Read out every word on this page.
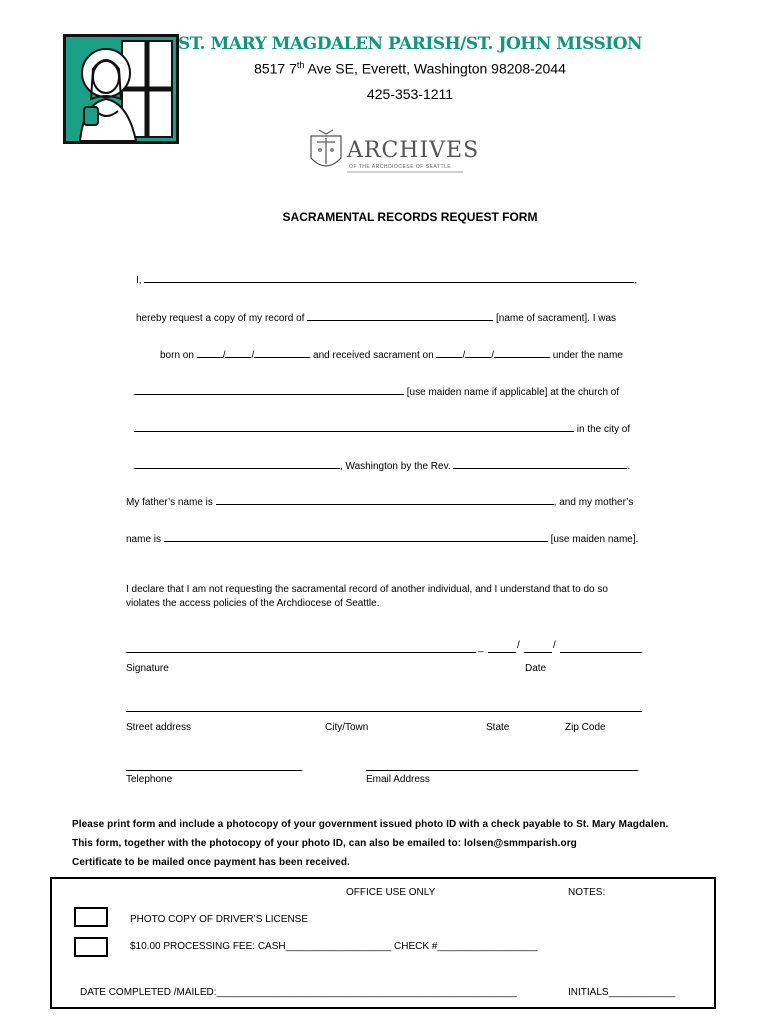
ST. MARY MAGDALEN PARISH/ST. JOHN MISSION
8517 7th Ave SE, Everett, Washington 98208-2044
425-353-1211
ARCHIVES
OF THE ARCHDIOCESE OF SEATTLE
SACRAMENTAL RECORDS REQUEST FORM
I,	,
hereby request a copy of my record of	[name of sacrament]. I was
born on	/	/	and received sacrament on	/	/	under the name
[use maiden name if applicable] at the church of
in the city of
, Washington by the Rev.	.
My father’s name is	, and my mother’s
name is	[use maiden name].
I declare that I am not requesting the sacramental record of another individual, and I understand that to do so
violates the access policies of the Archdiocese of Seattle.
_	/	/
Signature	Date
Street address	City/Town	State	Zip Code
Telephone	Email Address
Please print form and include a photocopy of your government issued photo ID with a check payable to St. Mary Magdalen.
This form, together with the photocopy of your photo ID, can also be emailed to: lolsen@smmparish.org
Certificate to be mailed once payment has been received.
OFFICE USE ONLY	NOTES:
PHOTO COPY OF DRIVER’S LICENSE
$10.00 PROCESSING FEE: CASH___________________ CHECK #__________________
DATE COMPLETED /MAILED:______________________________________________________	INITIALS____________
